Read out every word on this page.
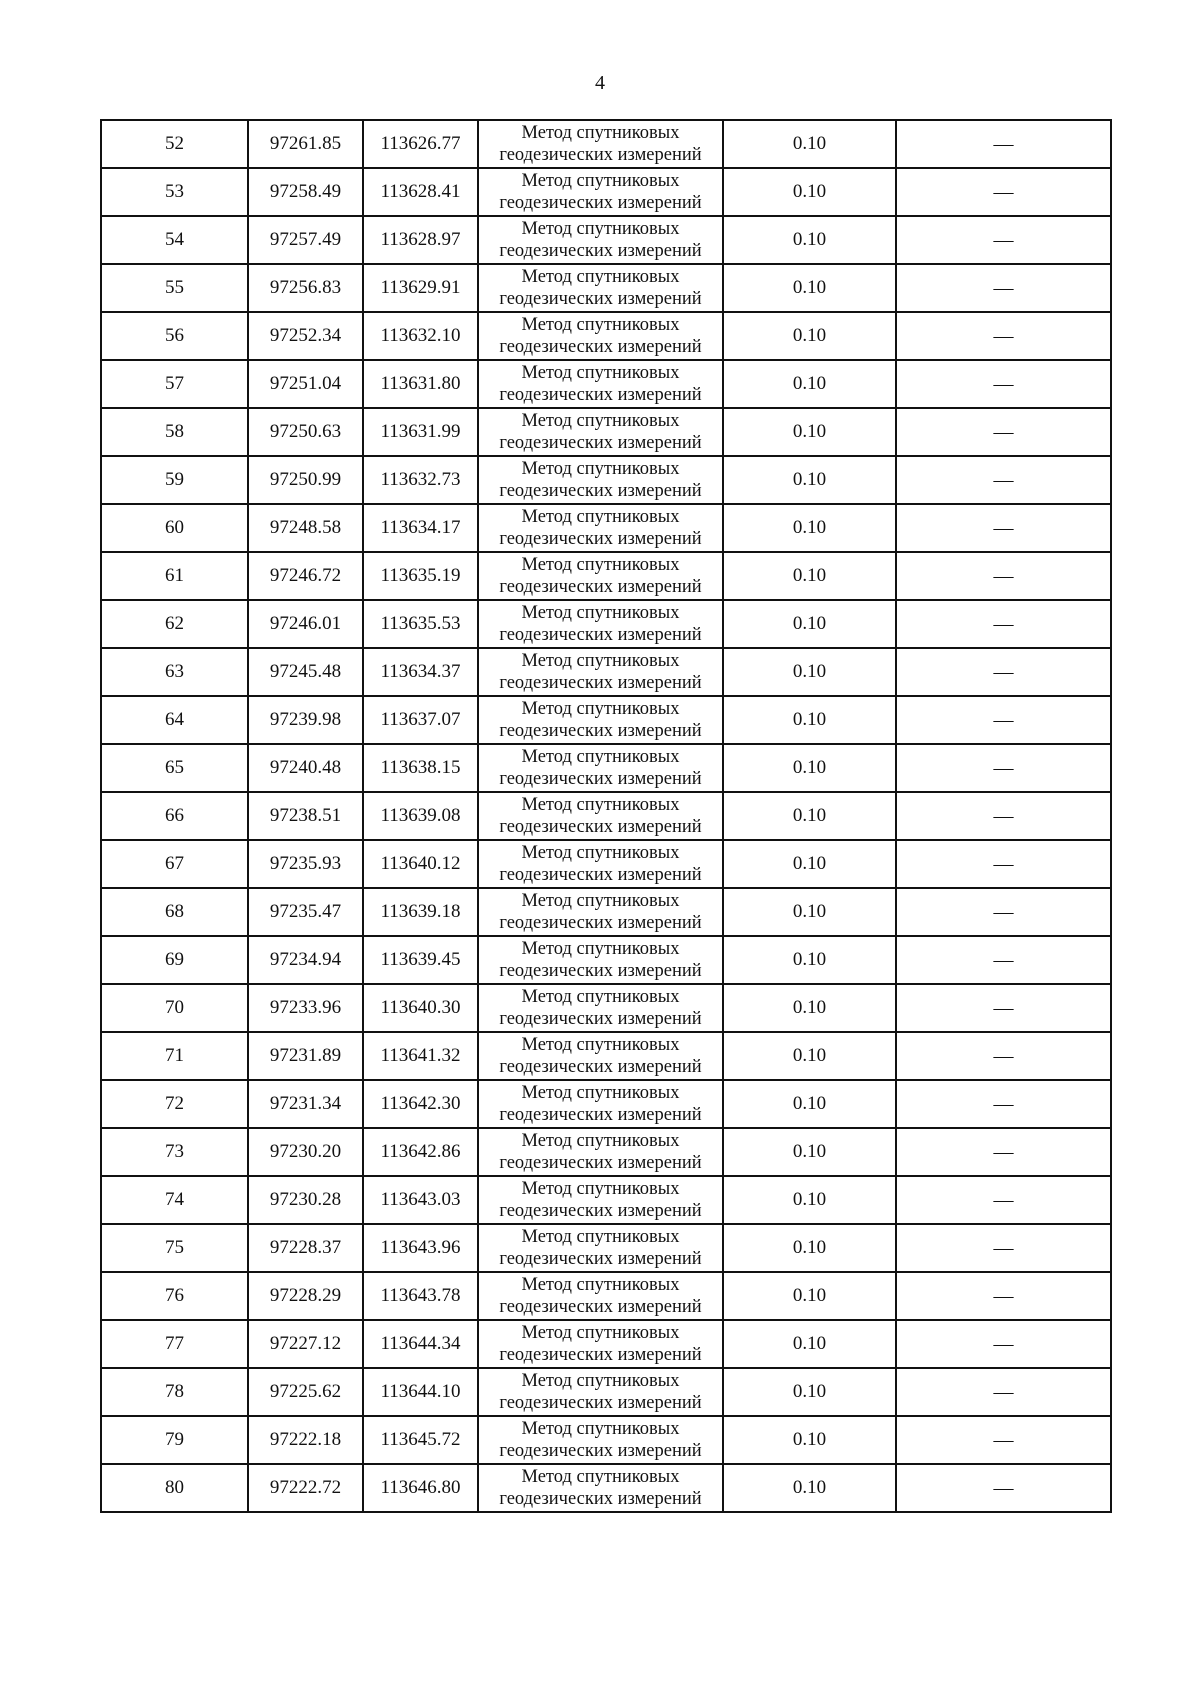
4
52	97261.85	113626.77	Метод спутниковых
геодезических измерений	0.10	—
53	97258.49	113628.41	Метод спутниковых
геодезических измерений	0.10	—
54	97257.49	113628.97	Метод спутниковых
геодезических измерений	0.10	—
55	97256.83	113629.91	Метод спутниковых
геодезических измерений	0.10	—
56	97252.34	113632.10	Метод спутниковых
геодезических измерений	0.10	—
57	97251.04	113631.80	Метод спутниковых
геодезических измерений	0.10	—
58	97250.63	113631.99	Метод спутниковых
геодезических измерений	0.10	—
59	97250.99	113632.73	Метод спутниковых
геодезических измерений	0.10	—
60	97248.58	113634.17	Метод спутниковых
геодезических измерений	0.10	—
61	97246.72	113635.19	Метод спутниковых
геодезических измерений	0.10	—
62	97246.01	113635.53	Метод спутниковых
геодезических измерений	0.10	—
63	97245.48	113634.37	Метод спутниковых
геодезических измерений	0.10	—
64	97239.98	113637.07	Метод спутниковых
геодезических измерений	0.10	—
65	97240.48	113638.15	Метод спутниковых
геодезических измерений	0.10	—
66	97238.51	113639.08	Метод спутниковых
геодезических измерений	0.10	—
67	97235.93	113640.12	Метод спутниковых
геодезических измерений	0.10	—
68	97235.47	113639.18	Метод спутниковых
геодезических измерений	0.10	—
69	97234.94	113639.45	Метод спутниковых
геодезических измерений	0.10	—
70	97233.96	113640.30	Метод спутниковых
геодезических измерений	0.10	—
71	97231.89	113641.32	Метод спутниковых
геодезических измерений	0.10	—
72	97231.34	113642.30	Метод спутниковых
геодезических измерений	0.10	—
73	97230.20	113642.86	Метод спутниковых
геодезических измерений	0.10	—
74	97230.28	113643.03	Метод спутниковых
геодезических измерений	0.10	—
75	97228.37	113643.96	Метод спутниковых
геодезических измерений	0.10	—
76	97228.29	113643.78	Метод спутниковых
геодезических измерений	0.10	—
77	97227.12	113644.34	Метод спутниковых
геодезических измерений	0.10	—
78	97225.62	113644.10	Метод спутниковых
геодезических измерений	0.10	—
79	97222.18	113645.72	Метод спутниковых
геодезических измерений	0.10	—
80	97222.72	113646.80	Метод спутниковых
геодезических измерений	0.10	—
